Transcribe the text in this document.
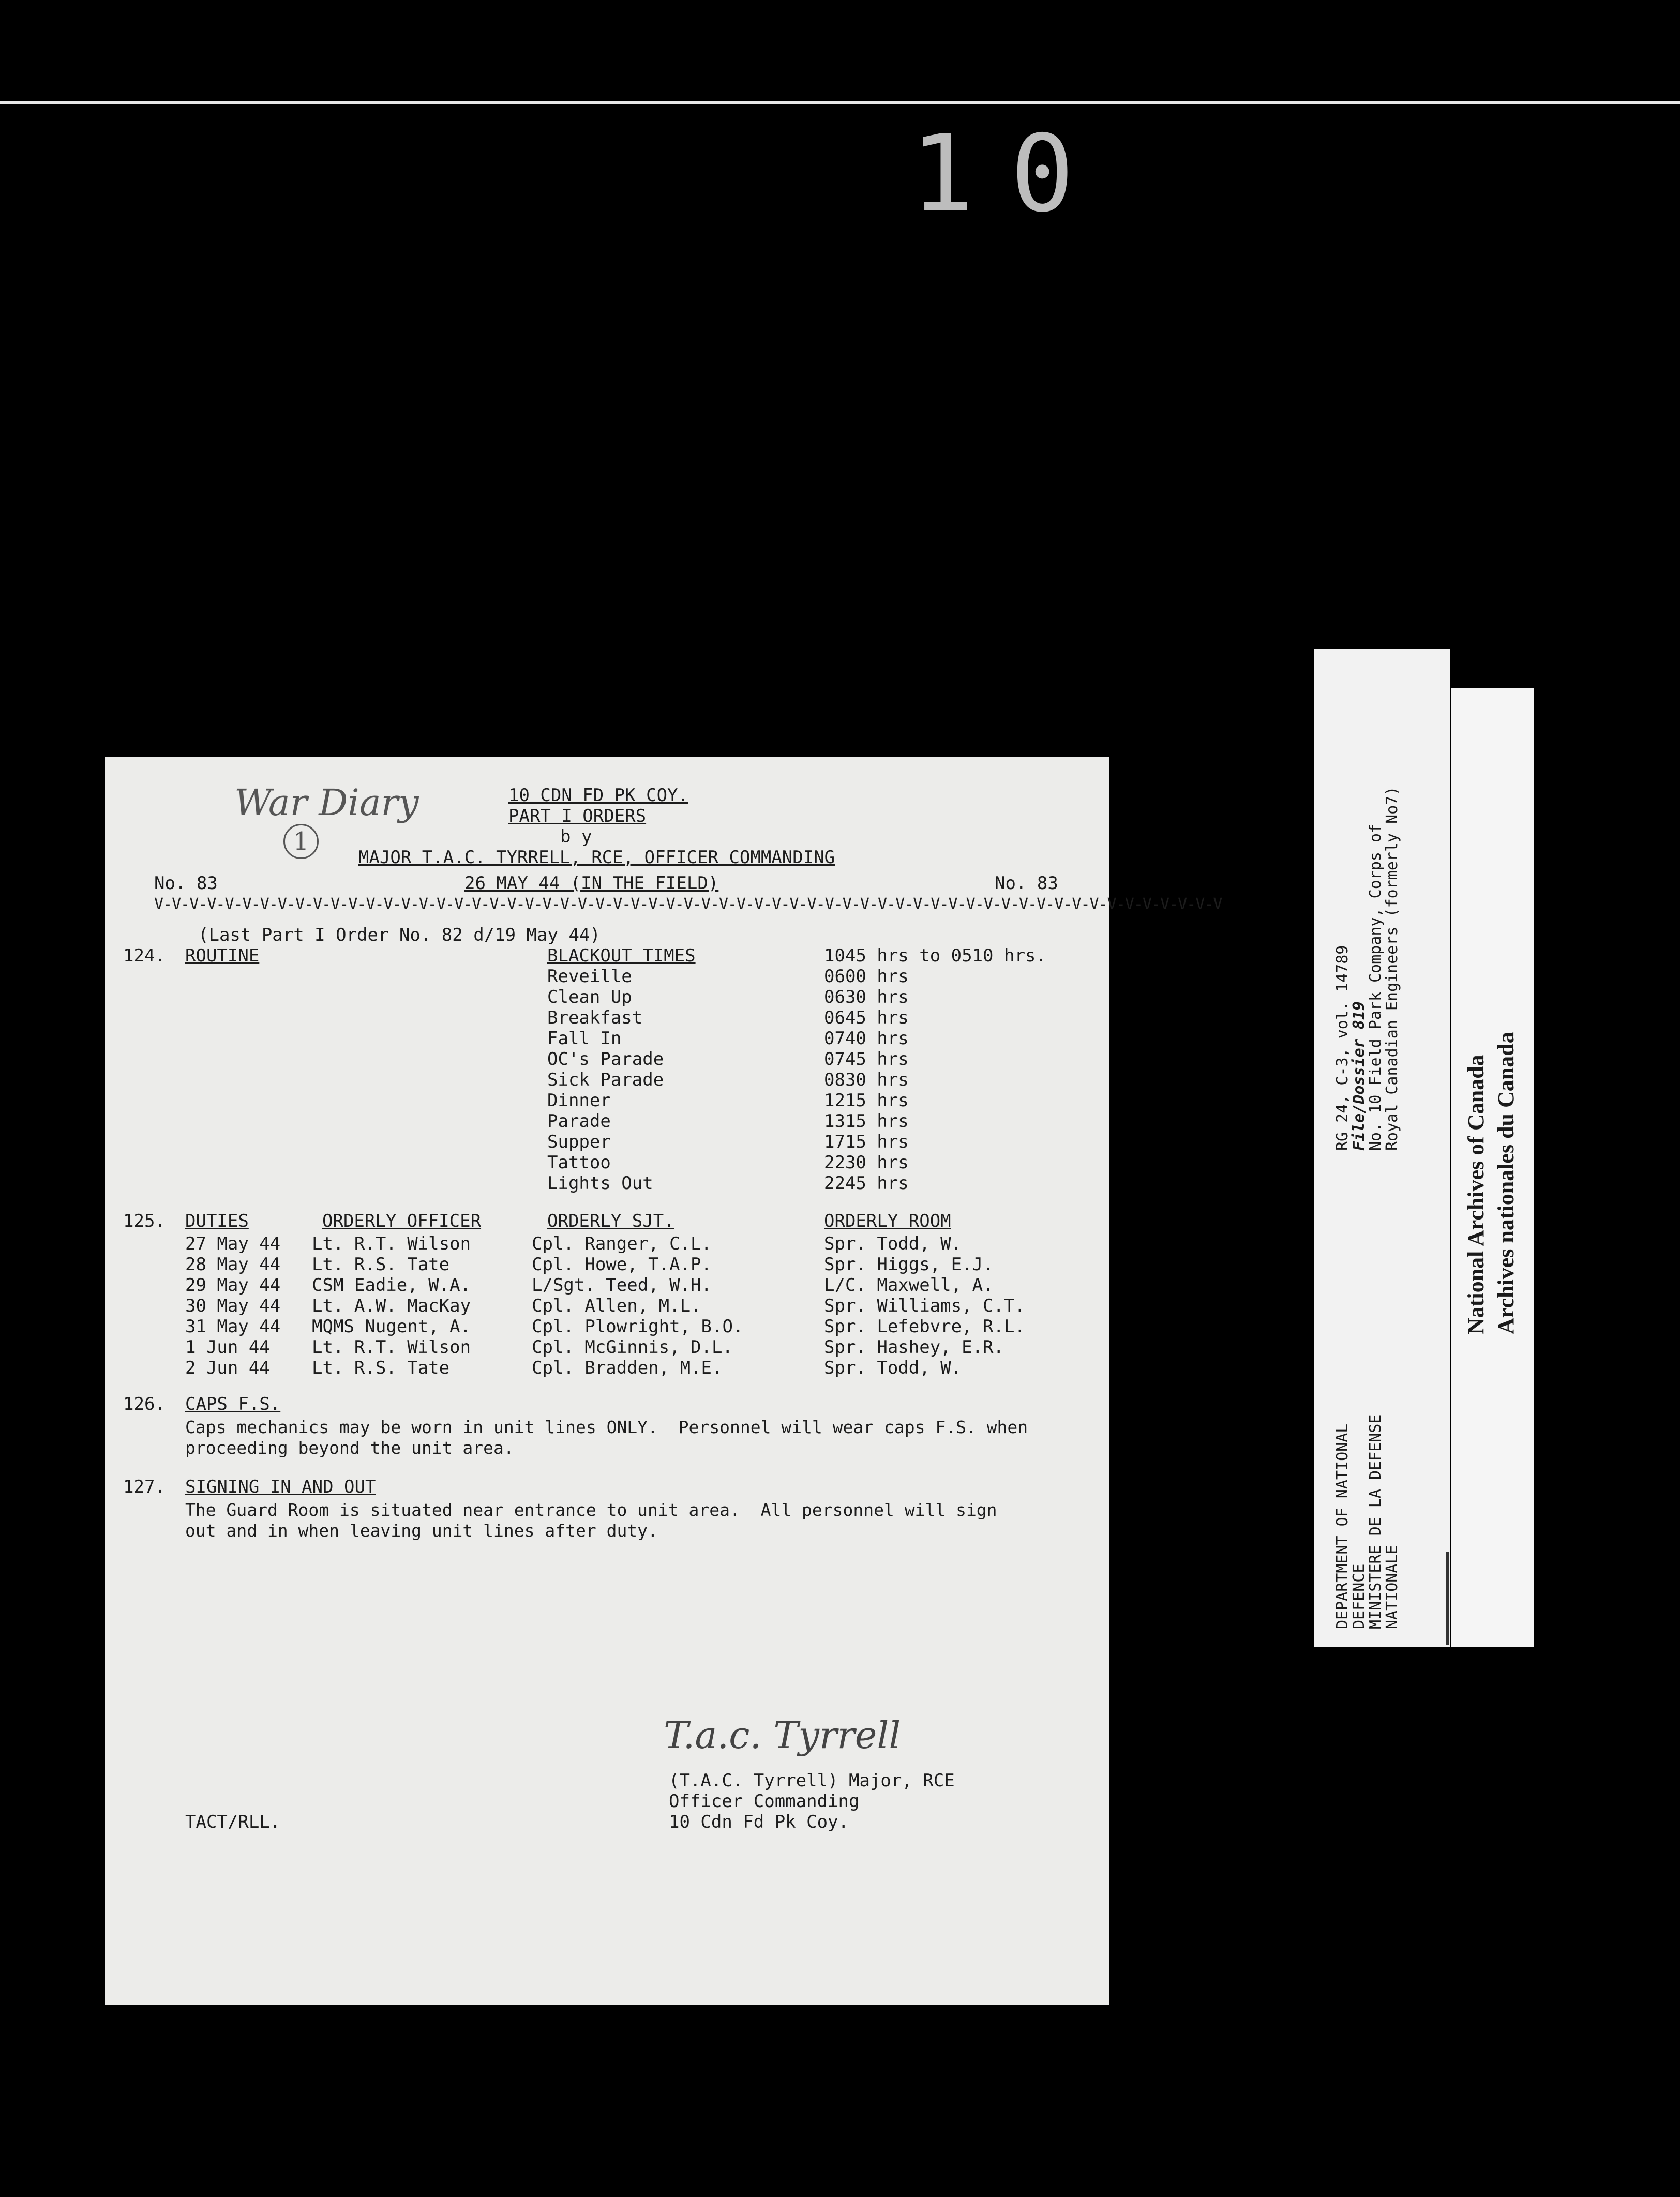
10
War Diary
1
10 CDN FD PK COY.
PART I ORDERS
b y
MAJOR T.A.C. TYRRELL, RCE, OFFICER COMMANDING
No. 83	26 MAY 44 (IN THE FIELD)	No. 83
V-V-V-V-V-V-V-V-V-V-V-V-V-V-V-V-V-V-V-V-V-V-V-V-V-V-V-V-V-V-V-V-V-V-V-V-V-V-V-V-V-V-V-V-V-V-V-V-V-V-V-V-V-V-V-V-V-V-V-V-V
(Last Part I Order No. 82 d/19 May 44)
124. ROUTINE	BLACKOUT TIMES	1045 hrs to 0510 hrs.
Reveille	0600 hrs
Clean Up	0630 hrs
Breakfast	0645 hrs
Fall In	0740 hrs
OC's Parade	0745 hrs
Sick Parade	0830 hrs
Dinner	1215 hrs
Parade	1315 hrs
Supper	1715 hrs
Tattoo	2230 hrs
Lights Out	2245 hrs
125. DUTIES	ORDERLY OFFICER	ORDERLY SJT.	ORDERLY ROOM
27 May 44 Lt. R.T. Wilson	Cpl. Ranger, C.L.	Spr. Todd, W.
28 May 44 Lt. R.S. Tate	Cpl. Howe, T.A.P.	Spr. Higgs, E.J.
29 May 44 CSM Eadie, W.A.	L/Sgt. Teed, W.H.	L/C. Maxwell, A.
30 May 44 Lt. A.W. MacKay	Cpl. Allen, M.L.	Spr. Williams, C.T.
31 May 44 MQMS Nugent, A.	Cpl. Plowright, B.O.	Spr. Lefebvre, R.L.
1 Jun 44 Lt. R.T. Wilson	Cpl. McGinnis, D.L.	Spr. Hashey, E.R.
2 Jun 44 Lt. R.S. Tate	Cpl. Bradden, M.E.	Spr. Todd, W.
126. CAPS F.S.
Caps mechanics may be worn in unit lines ONLY.  Personnel will wear caps F.S. when
proceeding beyond the unit area.
127. SIGNING IN AND OUT
The Guard Room is situated near entrance to unit area.  All personnel will sign
out and in when leaving unit lines after duty.
T.a.c. Tyrrell
(T.A.C. Tyrrell) Major, RCE
Officer Commanding
10 Cdn Fd Pk Coy.
TACT/RLL.
DEPARTMENT OF NATIONAL
DEFENCE
MINISTERE DE LA DEFENSE
NATIONALE
RG 24, C-3, vol. 14789
File/Dossier 819
No. 10 Field Park Company, Corps of
Royal Canadian Engineers (formerly No7)
National Archives of Canada Archives nationales du Canada
